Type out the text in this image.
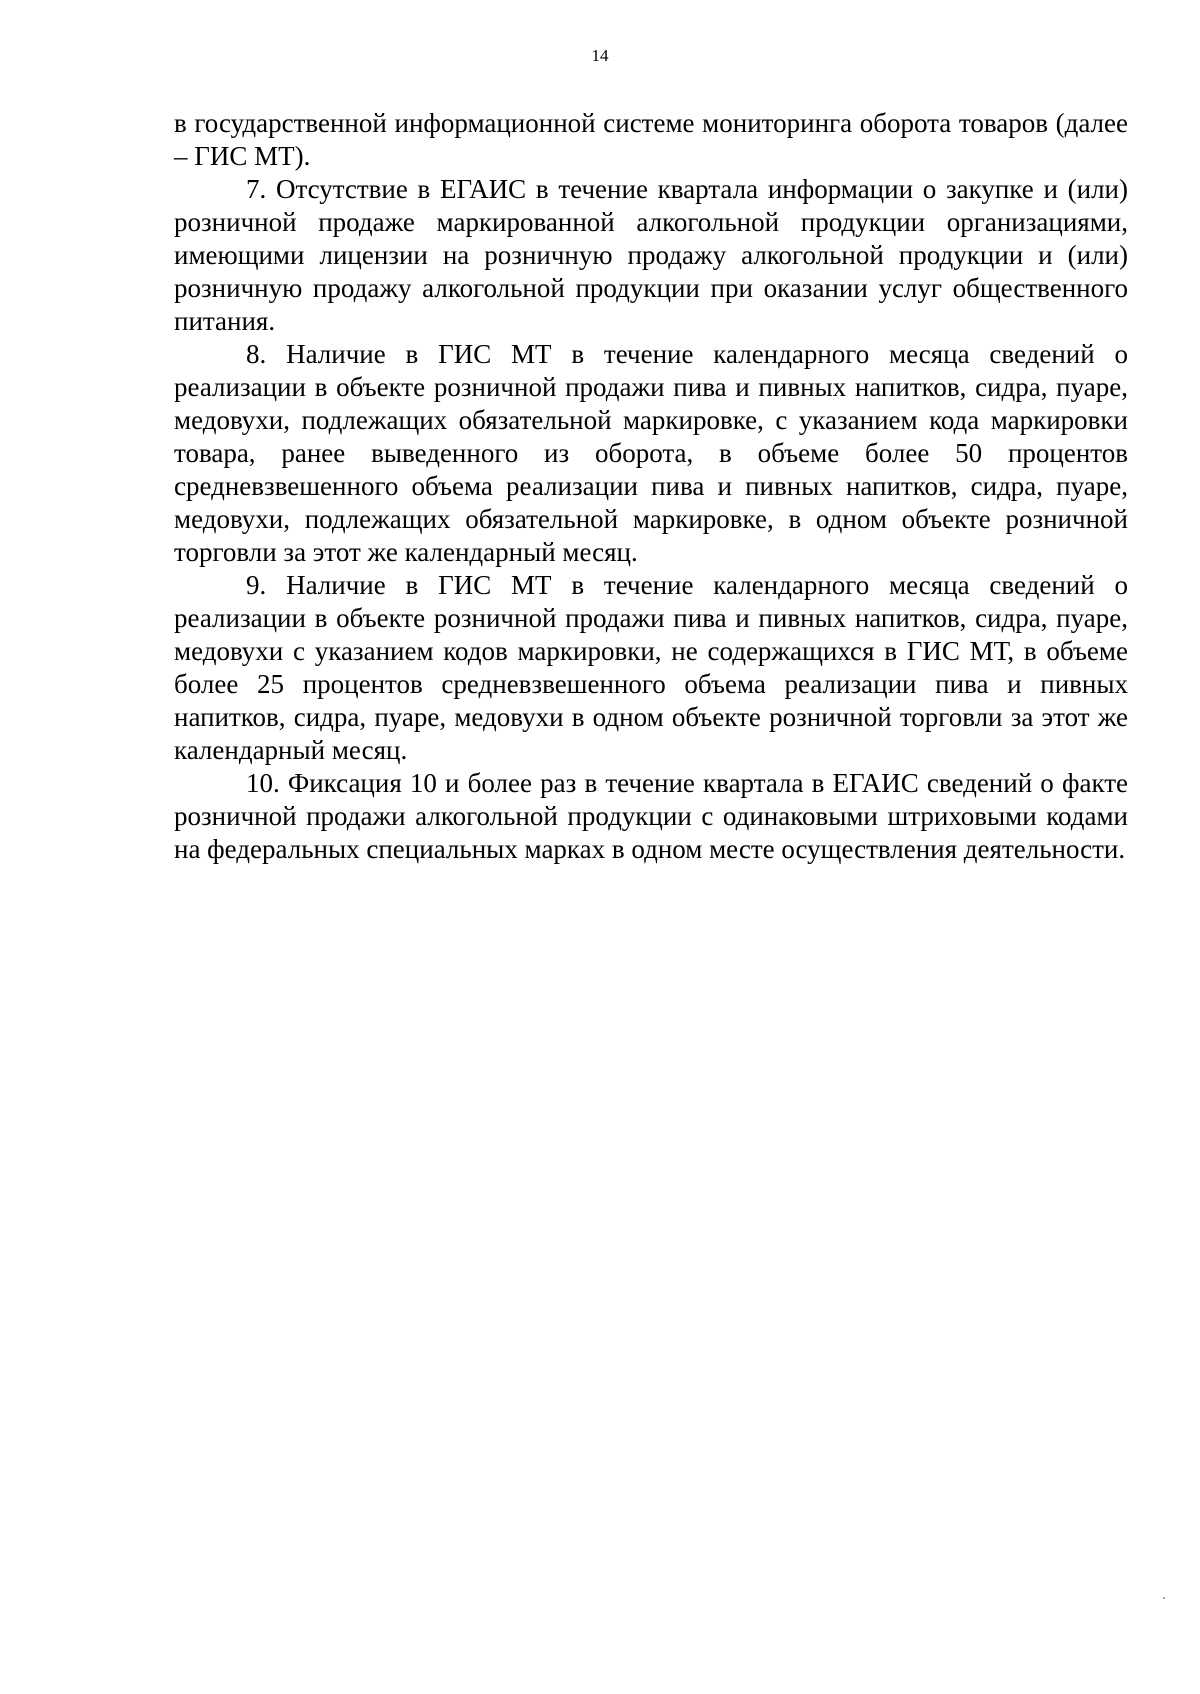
14

в государственной информационной системе мониторинга оборота товаров (далее – ГИС МТ).

7. Отсутствие в ЕГАИС в течение квартала информации о закупке и (или) розничной продаже маркированной алкогольной продукции организациями, имеющими лицензии на розничную продажу алкогольной продукции и (или) розничную продажу алкогольной продукции при оказании услуг общественного питания.

8. Наличие в ГИС МТ в течение календарного месяца сведений о реализации в объекте розничной продажи пива и пивных напитков, сидра, пуаре, медовухи, подлежащих обязательной маркировке, с указанием кода маркировки товара, ранее выведенного из оборота, в объеме более 50 процентов средневзвешенного объема реализации пива и пивных напитков, сидра, пуаре, медовухи, подлежащих обязательной маркировке, в одном объекте розничной торговли за этот же календарный месяц.

9. Наличие в ГИС МТ в течение календарного месяца сведений о реализации в объекте розничной продажи пива и пивных напитков, сидра, пуаре, медовухи с указанием кодов маркировки, не содержащихся в ГИС МТ, в объеме более 25 процентов средневзвешенного объема реализации пива и пивных напитков, сидра, пуаре, медовухи в одном объекте розничной торговли за этот же календарный месяц.

10. Фиксация 10 и более раз в течение квартала в ЕГАИС сведений о факте розничной продажи алкогольной продукции с одинаковыми штриховыми кодами на федеральных специальных марках в одном месте осуществления деятельности.
